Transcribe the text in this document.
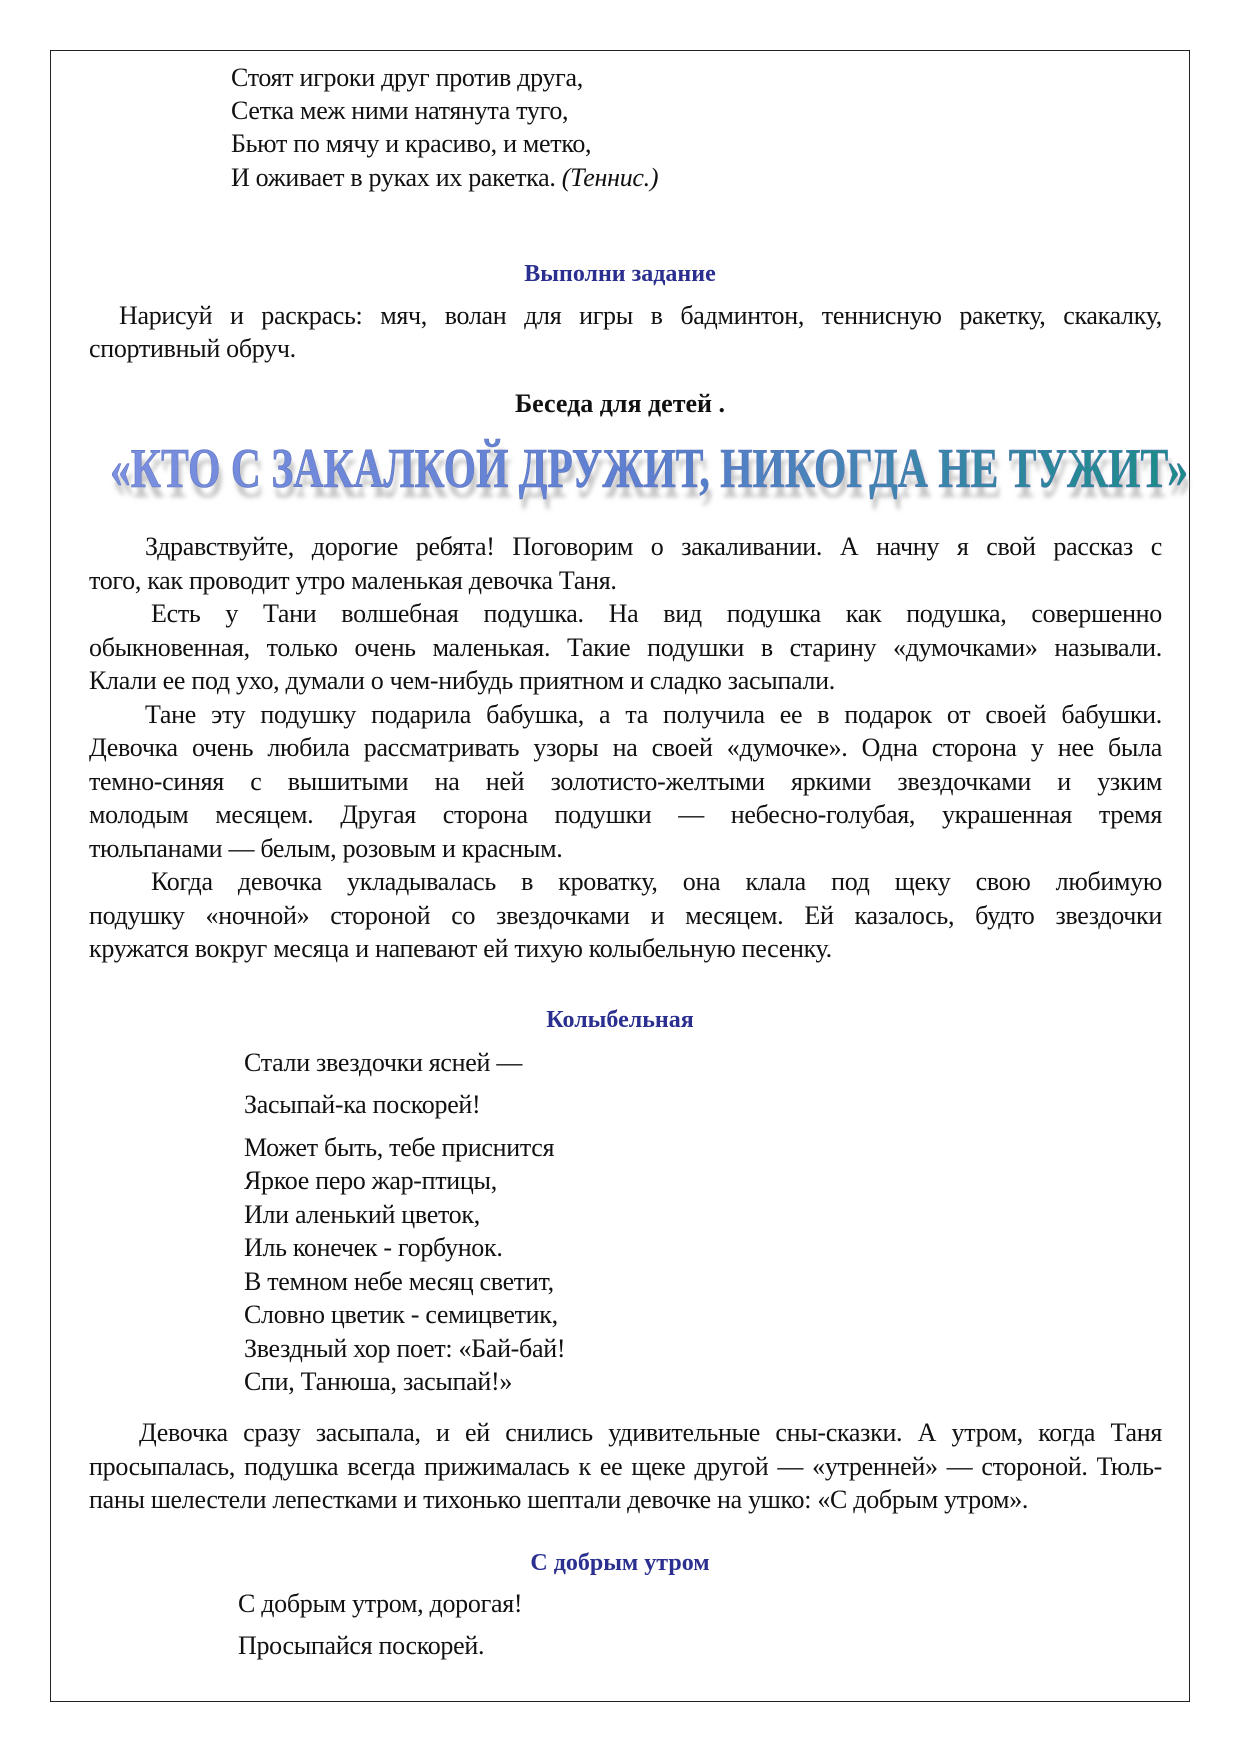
Стоят игроки друг против друга,
Сетка меж ними натянута туго,
Бьют по мячу и красиво, и метко,
И оживает в руках их ракетка. (Теннис.)
Выполни задание
Нарисуй и раскрась: мяч, волан для игры в бадминтон, теннисную ракетку, скакалку,
спортивный обруч.
Беседа для детей .
«КТО С ЗАКАЛКОЙ ДРУЖИТ, НИКОГДА НЕ ТУЖИТ»
Здравствуйте, дорогие ребята! Поговорим о закаливании. А начну я свой рассказ с
того, как проводит утро маленькая девочка Таня.
Есть у Тани волшебная подушка. На вид подушка как подушка, совершенно
обыкновенная, только очень маленькая. Такие подушки в старину «думочками» называли.
Клали ее под ухо, думали о чем-нибудь приятном и сладко засыпали.
Тане эту подушку подарила бабушка, а та получила ее в подарок от своей бабушки.
Девочка очень любила рассматривать узоры на своей «думочке». Одна сторона у нее была
темно-синяя с вышитыми на ней золотисто-желтыми яркими звездочками и узким
молодым месяцем. Другая сторона подушки — небесно-голубая, украшенная тремя
тюльпанами — белым, розовым и красным.
Когда девочка укладывалась в кроватку, она клала под щеку свою любимую
подушку «ночной» стороной со звездочками и месяцем. Ей казалось, будто звездочки
кружатся вокруг месяца и напевают ей тихую колыбельную песенку.
Колыбельная
Стали звездочки ясней —
Засыпай-ка поскорей!
Может быть, тебе приснится
Яркое перо жар-птицы,
Или аленький цветок,
Иль конечек - горбунок.
В темном небе месяц светит,
Словно цветик - семицветик,
Звездный хор поет: «Бай-бай!
Спи, Танюша, засыпай!»
Девочка сразу засыпала, и ей снились удивительные сны-сказки. А утром, когда Таня
просыпалась, подушка всегда прижималась к ее щеке другой — «утренней» — стороной. Тюль-
паны шелестели лепестками и тихонько шептали девочке на ушко: «С добрым утром».
С добрым утром
С добрым утром, дорогая!
Просыпайся поскорей.
